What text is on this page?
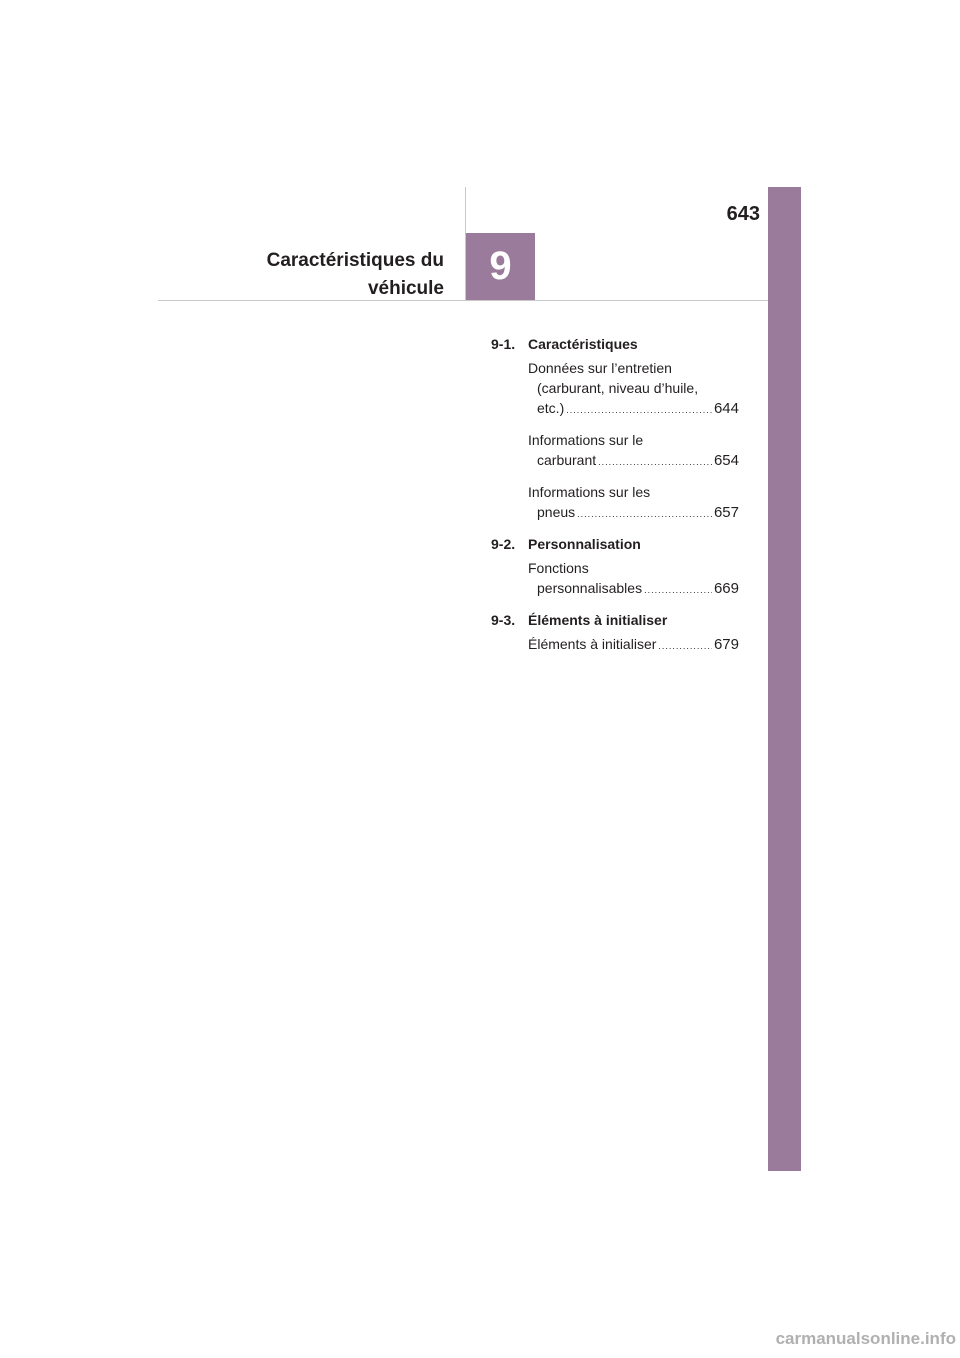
643
Caractéristiques du
véhicule
9
9-1. Caractéristiques
Données sur l’entretien
(carburant, niveau d’huile,
etc.) .....	644
Informations sur le
carburant .....	654
Informations sur les
pneus .....	657
9-2. Personnalisation
Fonctions
personnalisables .....	669
9-3. Éléments à initialiser
Éléments à initialiser .....	679
carmanualsonline.info
